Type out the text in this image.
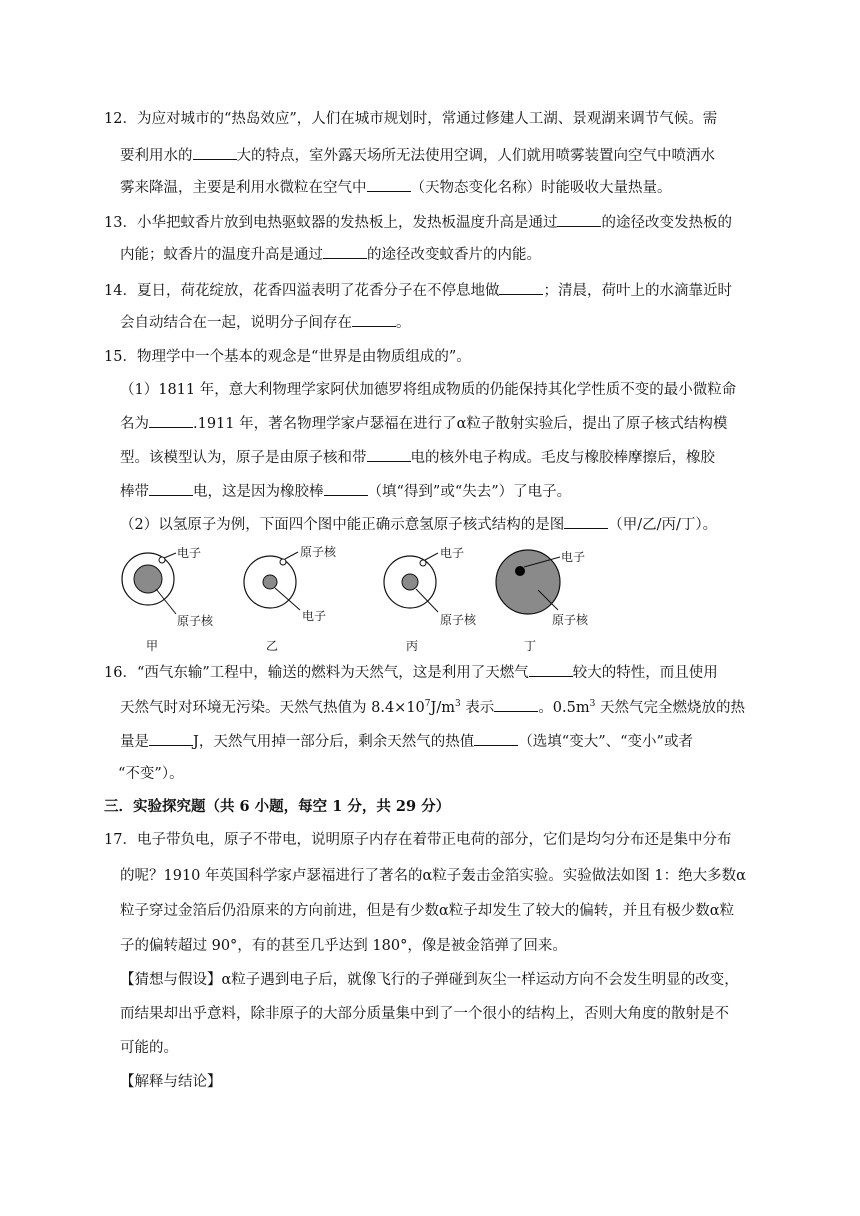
12．为应对城市的“热岛效应”，人们在城市规划时，常通过修建人工湖、景观湖来调节气候。需
要利用水的	大的特点，室外露天场所无法使用空调，人们就用喷雾装置向空气中喷洒水
雾来降温，主要是利用水微粒在空气中	（天物态变化名称）时能吸收大量热量。
13．小华把蚊香片放到电热驱蚊器的发热板上，发热板温度升高是通过	的途径改变发热板的
内能；蚊香片的温度升高是通过	的途径改变蚊香片的内能。
14．夏日，荷花绽放，花香四溢表明了花香分子在不停息地做	；清晨，荷叶上的水滴靠近时
会自动结合在一起，说明分子间存在	。
15．物理学中一个基本的观念是“世界是由物质组成的”。
（1）1811 年，意大利物理学家阿伏加德罗将组成物质的仍能保持其化学性质不变的最小微粒命
名为	.1911 年，著名物理学家卢瑟福在进行了α粒子散射实验后，提出了原子核式结构模
型。该模型认为，原子是由原子核和带	电的核外电子构成。毛皮与橡胶棒摩擦后，橡胶
棒带	电，这是因为橡胶棒	（填“得到”或“失去”）了电子。
（2）以氢原子为例，下面四个图中能正确示意氢原子核式结构的是图	（甲/乙/丙/丁）。
电子
原子核
甲
原子核
电子
乙
电子
原子核
丙
电子
原子核
丁
16．“西气东输”工程中，输送的燃料为天然气，这是利用了天燃气	较大的特性，而且使用
天然气时对环境无污染。天然气热值为 $8.4\times 10^7J/m^3$ 表示	。$0.5m^3$ 天然气完全燃烧放的热
量是	J，天然气用掉一部分后，剩余天然气的热值	（选填“变大”、“变小”或者
“不变”）。
三．实验探究题（共 6 小题，每空 1 分，共 29 分）
17．电子带负电，原子不带电，说明原子内存在着带正电荷的部分，它们是均匀分布还是集中分布
的呢？1910 年英国科学家卢瑟福进行了著名的α粒子轰击金箔实验。实验做法如图 1：绝大多数α
粒子穿过金箔后仍沿原来的方向前进，但是有少数α粒子却发生了较大的偏转，并且有极少数α粒
子的偏转超过 90°，有的甚至几乎达到 180°，像是被金箔弹了回来。
【猜想与假设】α粒子遇到电子后，就像飞行的子弹碰到灰尘一样运动方向不会发生明显的改变，
而结果却出乎意料，除非原子的大部分质量集中到了一个很小的结构上，否则大角度的散射是不
可能的。
【解释与结论】
